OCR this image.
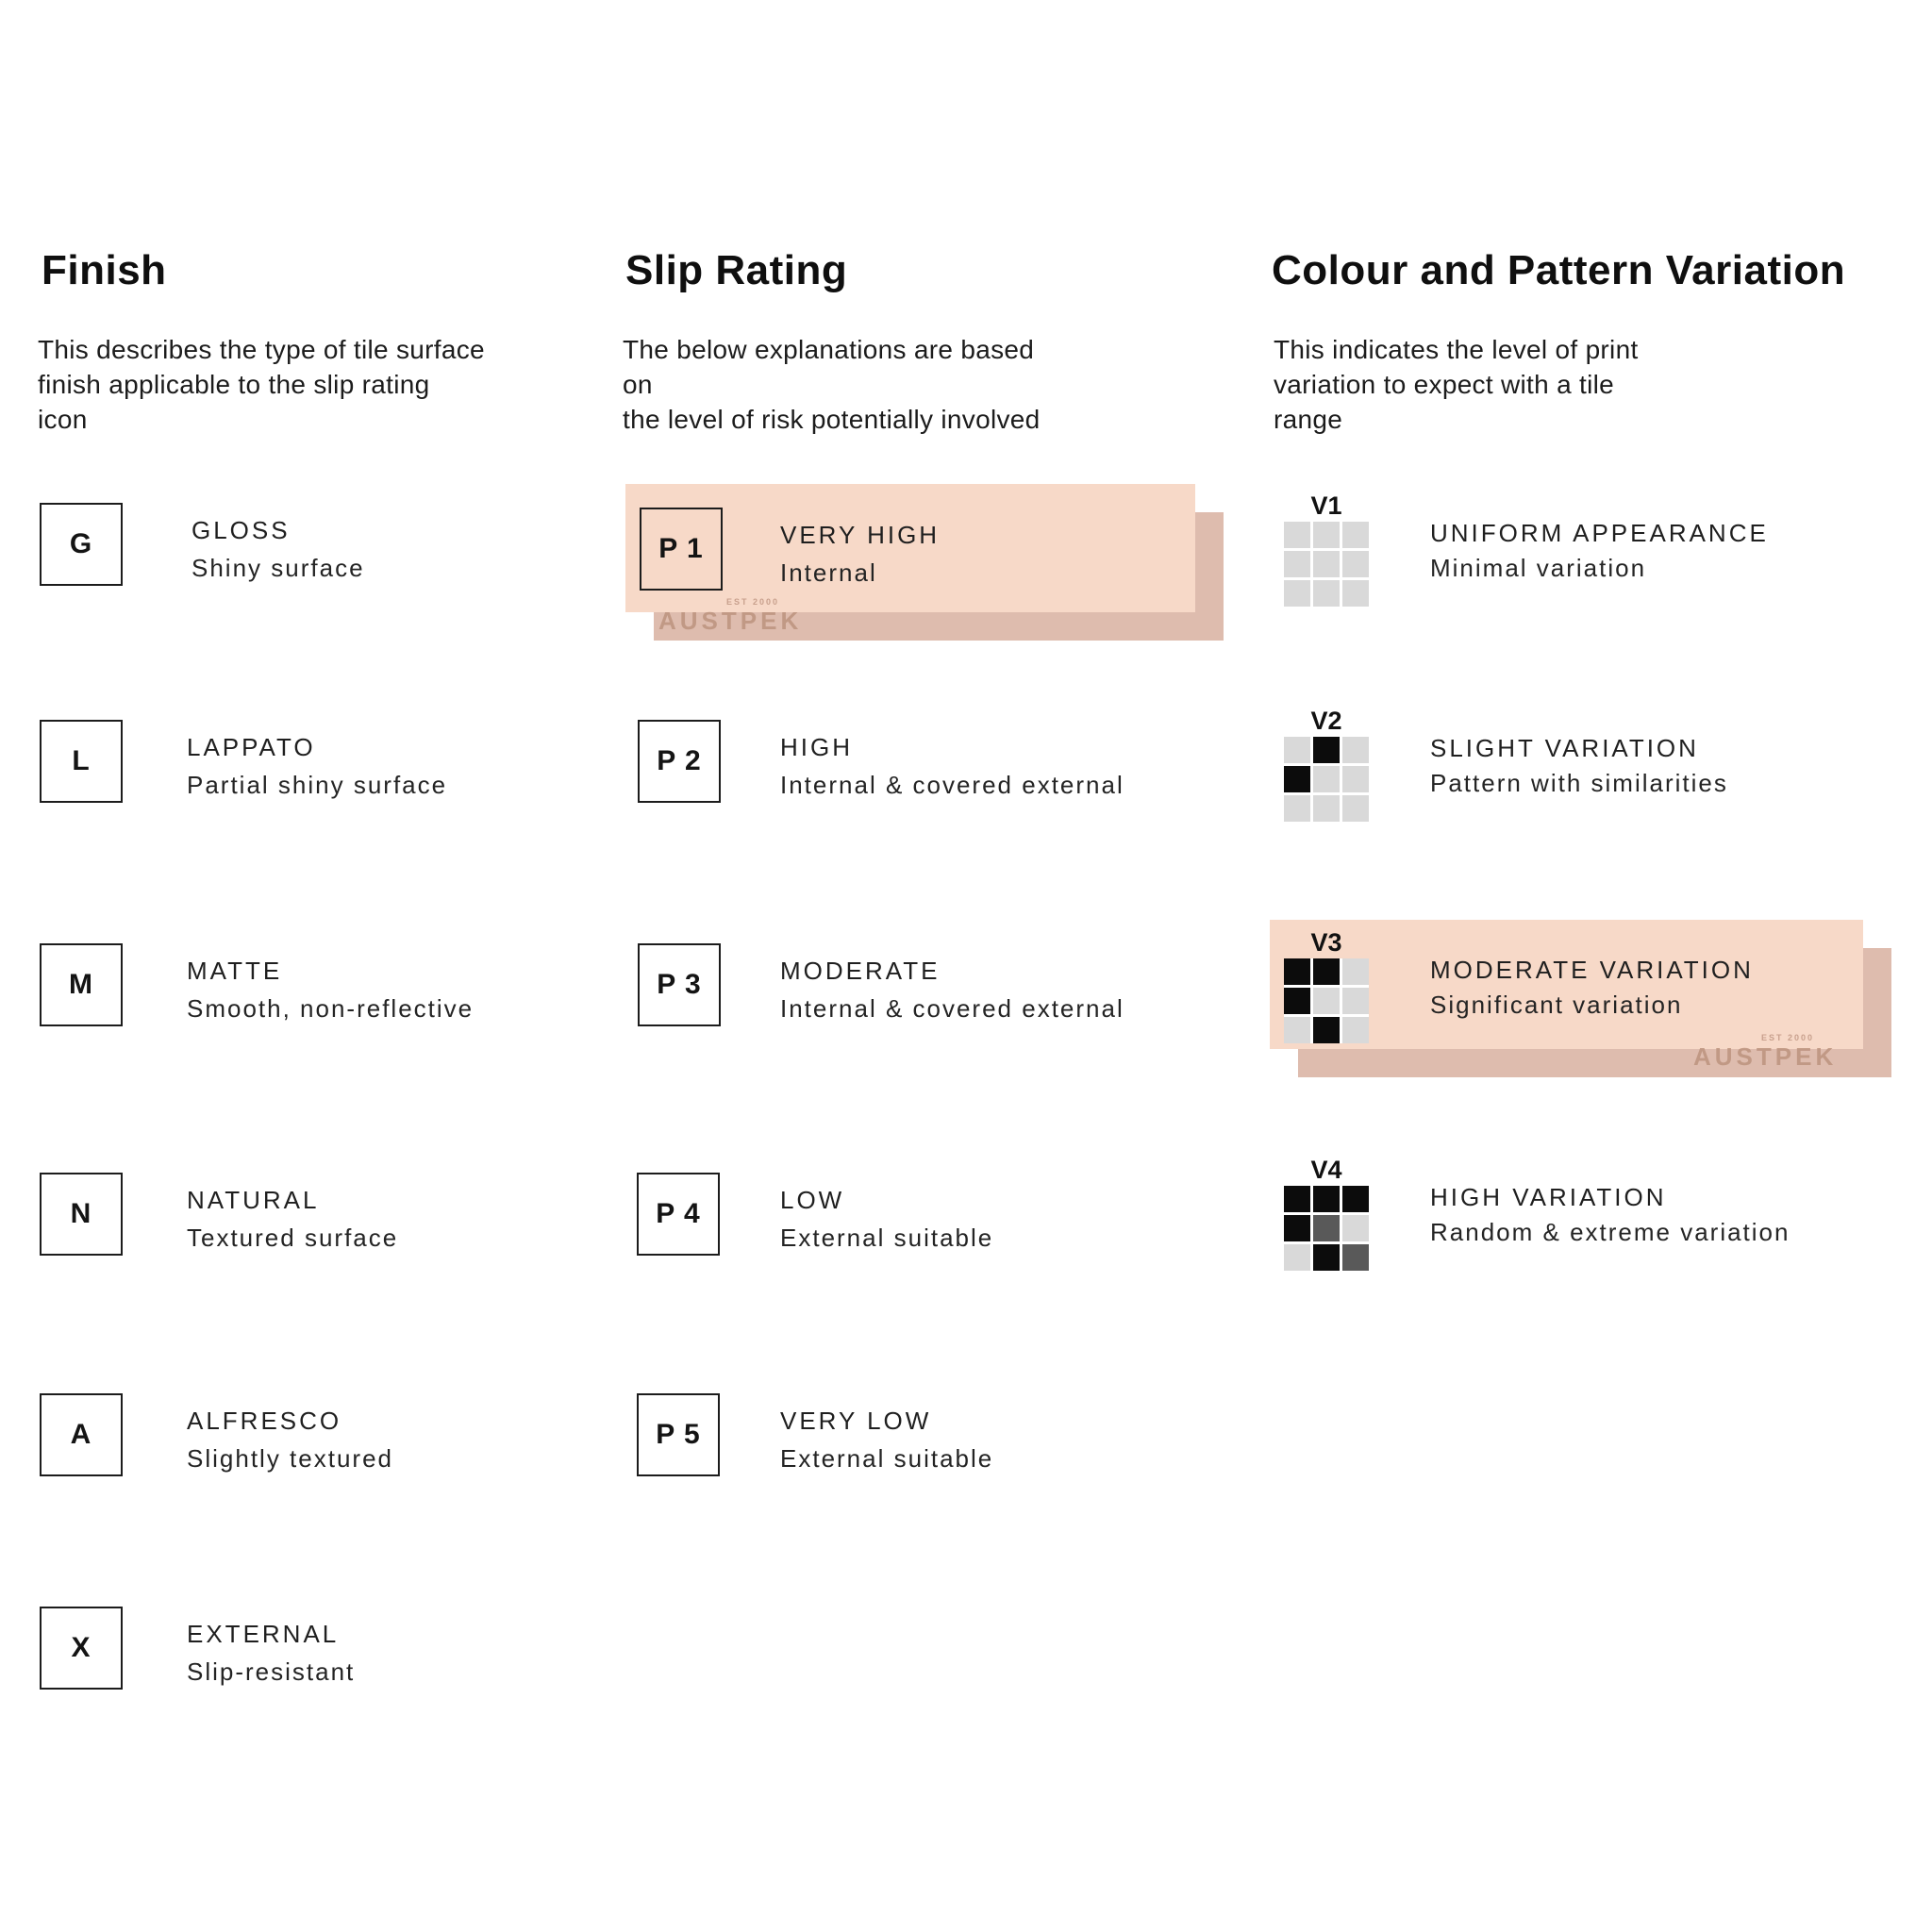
EST 2000
AUSTPEK
EST 2000
AUSTPEK
Finish
This describes the type of tile surface
finish applicable to the slip rating
icon
G	GLOSS
Shiny surface
L	LAPPATO
Partial shiny surface
M	MATTE
Smooth, non-reflective
N	NATURAL
Textured surface
A	ALFRESCO
Slightly textured
X	EXTERNAL
Slip-resistant
Slip Rating
The below explanations are based
on
the level of risk potentially involved
P 1	VERY HIGH
Internal
P 2	HIGH
Internal & covered external
P 3	MODERATE
Internal & covered external
P 4	LOW
External suitable
P 5	VERY LOW
External suitable
Colour and Pattern Variation
This indicates the level of print
variation to expect with a tile
range
V1
UNIFORM APPEARANCE
Minimal variation
V2
SLIGHT VARIATION
Pattern with similarities
V3
MODERATE VARIATION
Significant variation
V4
HIGH VARIATION
Random & extreme variation
